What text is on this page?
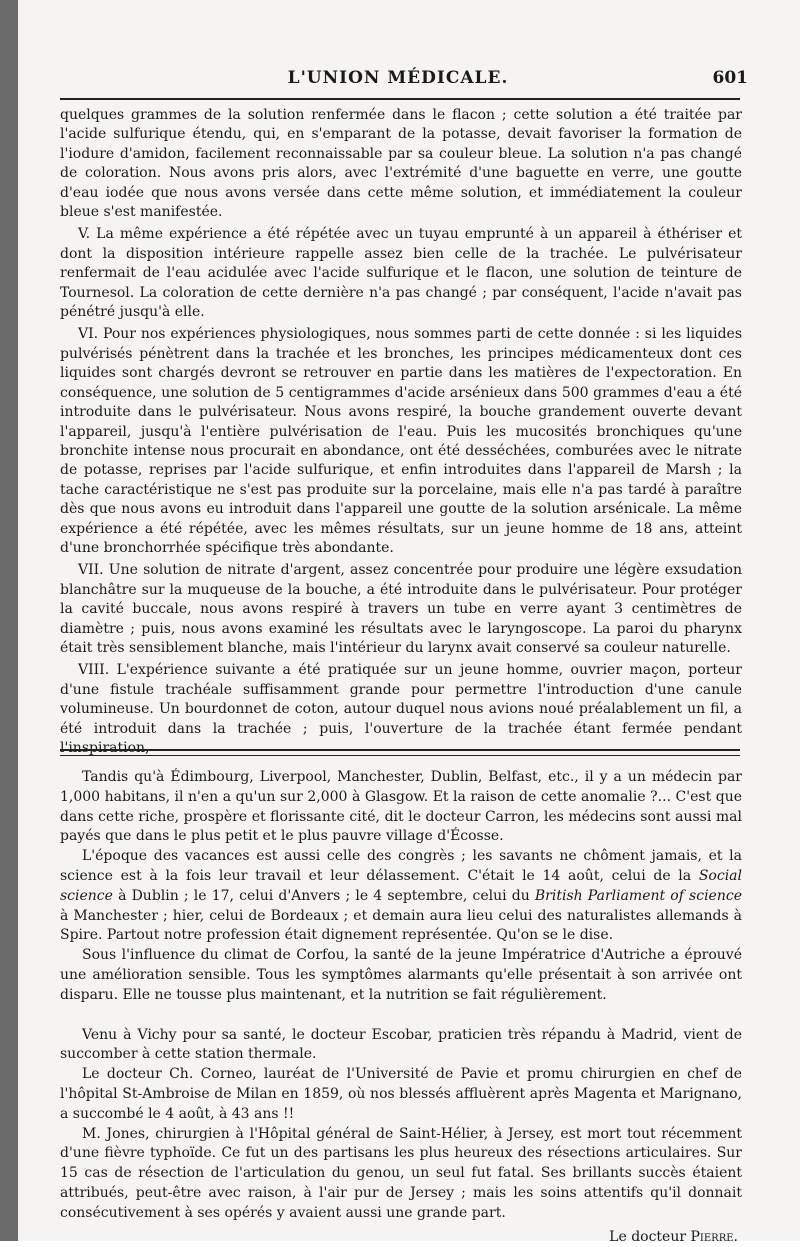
L'UNION MÉDICALE.	601

quelques grammes de la solution renfermée dans le flacon ; cette solution a été traitée par l'acide sulfurique étendu, qui, en s'emparant de la potasse, devait favoriser la formation de l'iodure d'amidon, facilement reconnaissable par sa couleur bleue. La solution n'a pas changé de coloration. Nous avons pris alors, avec l'extrémité d'une baguette en verre, une goutte d'eau iodée que nous avons versée dans cette même solution, et immédiatement la couleur bleue s'est manifestée.

V. La même expérience a été répétée avec un tuyau emprunté à un appareil à éthériser et dont la disposition intérieure rappelle assez bien celle de la trachée. Le pulvérisateur renfermait de l'eau acidulée avec l'acide sulfurique et le flacon, une solution de teinture de Tournesol. La coloration de cette dernière n'a pas changé ; par conséquent, l'acide n'avait pas pénétré jusqu'à elle.

VI. Pour nos expériences physiologiques, nous sommes parti de cette donnée : si les liquides pulvérisés pénètrent dans la trachée et les bronches, les principes médicamenteux dont ces liquides sont chargés devront se retrouver en partie dans les matières de l'expectoration. En conséquence, une solution de 5 centigrammes d'acide arsénieux dans 500 grammes d'eau a été introduite dans le pulvérisateur. Nous avons respiré, la bouche grandement ouverte devant l'appareil, jusqu'à l'entière pulvérisation de l'eau. Puis les mucosités bronchiques qu'une bronchite intense nous procurait en abondance, ont été desséchées, comburées avec le nitrate de potasse, reprises par l'acide sulfurique, et enfin introduites dans l'appareil de Marsh ; la tache caractéristique ne s'est pas produite sur la porcelaine, mais elle n'a pas tardé à paraître dès que nous avons eu introduit dans l'appareil une goutte de la solution arsénicale. La même expérience a été répétée, avec les mêmes résultats, sur un jeune homme de 18 ans, atteint d'une bronchorrhée spécifique très abondante.

VII. Une solution de nitrate d'argent, assez concentrée pour produire une légère exsudation blanchâtre sur la muqueuse de la bouche, a été introduite dans le pulvérisateur. Pour protéger la cavité buccale, nous avons respiré à travers un tube en verre ayant 3 centimètres de diamètre ; puis, nous avons examiné les résultats avec le laryngoscope. La paroi du pharynx était très sensiblement blanche, mais l'intérieur du larynx avait conservé sa couleur naturelle.

VIII. L'expérience suivante a été pratiquée sur un jeune homme, ouvrier maçon, porteur d'une fistule trachéale suffisamment grande pour permettre l'introduction d'une canule volumineuse. Un bourdonnet de coton, autour duquel nous avions noué préalablement un fil, a été introduit dans la trachée ; puis, l'ouverture de la trachée étant fermée pendant l'inspiration,

Tandis qu'à Édimbourg, Liverpool, Manchester, Dublin, Belfast, etc., il y a un médecin par 1,000 habitans, il n'en a qu'un sur 2,000 à Glasgow. Et la raison de cette anomalie ?... C'est que dans cette riche, prospère et florissante cité, dit le docteur Carron, les médecins sont aussi mal payés que dans le plus petit et le plus pauvre village d'Écosse.

L'époque des vacances est aussi celle des congrès ; les savants ne chôment jamais, et la science est à la fois leur travail et leur délassement. C'était le 14 août, celui de la Social science à Dublin ; le 17, celui d'Anvers ; le 4 septembre, celui du British Parliament of science à Manchester ; hier, celui de Bordeaux ; et demain aura lieu celui des naturalistes allemands à Spire. Partout notre profession était dignement représentée. Qu'on se le dise.

Sous l'influence du climat de Corfou, la santé de la jeune Impératrice d'Autriche a éprouvé une amélioration sensible. Tous les symptômes alarmants qu'elle présentait à son arrivée ont disparu. Elle ne tousse plus maintenant, et la nutrition se fait régulièrement.

Venu à Vichy pour sa santé, le docteur Escobar, praticien très répandu à Madrid, vient de succomber à cette station thermale.

Le docteur Ch. Corneo, lauréat de l'Université de Pavie et promu chirurgien en chef de l'hôpital St-Ambroise de Milan en 1859, où nos blessés affluèrent après Magenta et Marignano, a succombé le 4 août, à 43 ans !!

M. Jones, chirurgien à l'Hôpital général de Saint-Hélier, à Jersey, est mort tout récemment d'une fièvre typhoïde. Ce fut un des partisans les plus heureux des résections articulaires. Sur 15 cas de résection de l'articulation du genou, un seul fut fatal. Ses brillants succès étaient attribués, peut-être avec raison, à l'air pur de Jersey ; mais les soins attentifs qu'il donnait consécutivement à ses opérés y avaient aussi une grande part.

Le docteur Pierre.
